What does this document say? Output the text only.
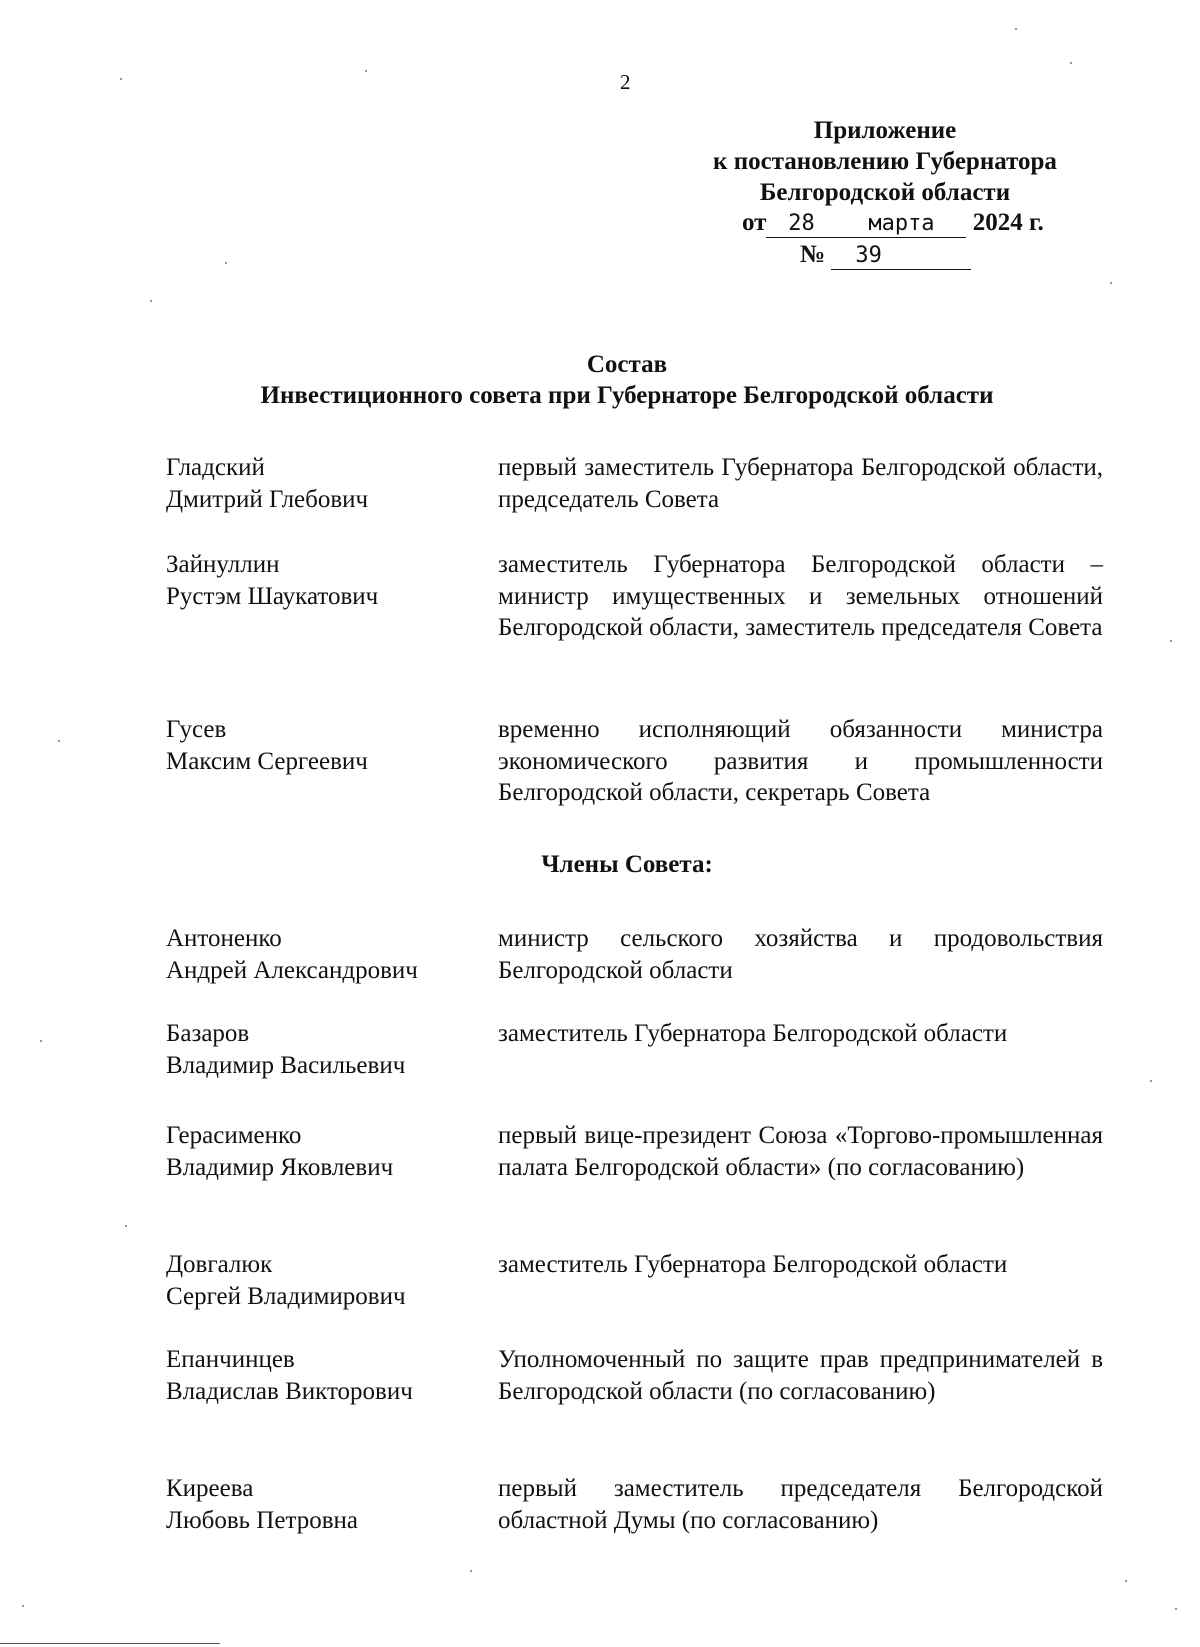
2
Приложение
к постановлению Губернатора
Белгородской области
от 28 марта 2024 г.
№ 39
Состав
Инвестиционного совета при Губернаторе Белгородской области
Гладский
Дмитрий Глебович
первый заместитель Губернатора Белгородской области, председатель Совета
Зайнуллин
Рустэм Шаукатович
заместитель Губернатора Белгородской области – министр имущественных и земельных отношений Белгородской области, заместитель председателя Совета
Гусев
Максим Сергеевич
временно исполняющий обязанности министра экономического развития и промышленности Белгородской области, секретарь Совета
Члены Совета:
Антоненко
Андрей Александрович
министр сельского хозяйства и продовольствия Белгородской области
Базаров
Владимир Васильевич
заместитель Губернатора Белгородской области
Герасименко
Владимир Яковлевич
первый вице-президент Союза «Торгово-промышленная палата Белгородской области» (по согласованию)
Довгалюк
Сергей Владимирович
заместитель Губернатора Белгородской области
Епанчинцев
Владислав Викторович
Уполномоченный по защите прав предпринимателей в Белгородской области (по согласованию)
Киреева
Любовь Петровна
первый заместитель председателя Белгородской областной Думы (по согласованию)
